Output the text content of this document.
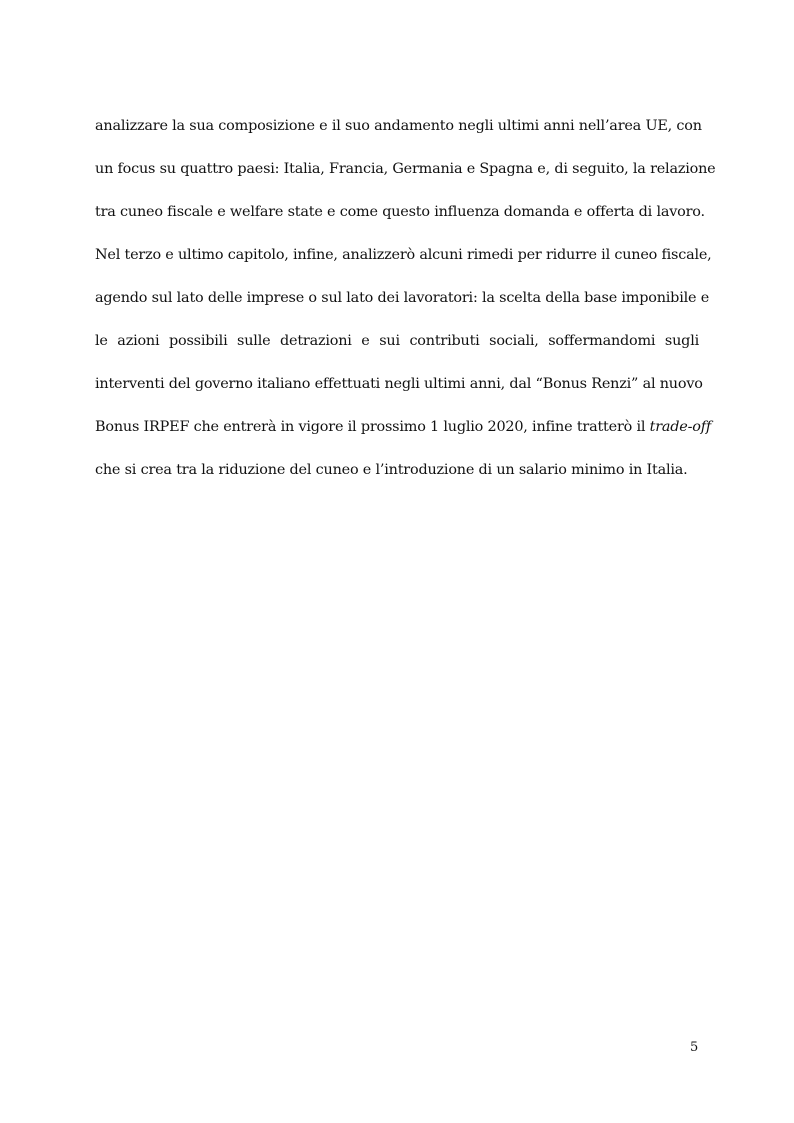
analizzare la sua composizione e il suo andamento negli ultimi anni nell’area UE, con
un focus su quattro paesi: Italia, Francia, Germania e Spagna e, di seguito, la relazione
tra cuneo fiscale e welfare state e come questo influenza domanda e offerta di lavoro.
Nel terzo e ultimo capitolo, infine, analizzerò alcuni rimedi per ridurre il cuneo fiscale,
agendo sul lato delle imprese o sul lato dei lavoratori: la scelta della base imponibile e
le azioni possibili sulle detrazioni e sui contributi sociali, soffermandomi sugli
interventi del governo italiano effettuati negli ultimi anni, dal “Bonus Renzi” al nuovo
Bonus IRPEF che entrerà in vigore il prossimo 1 luglio 2020, infine tratterò il trade-off
che si crea tra la riduzione del cuneo e l’introduzione di un salario minimo in Italia.
5
